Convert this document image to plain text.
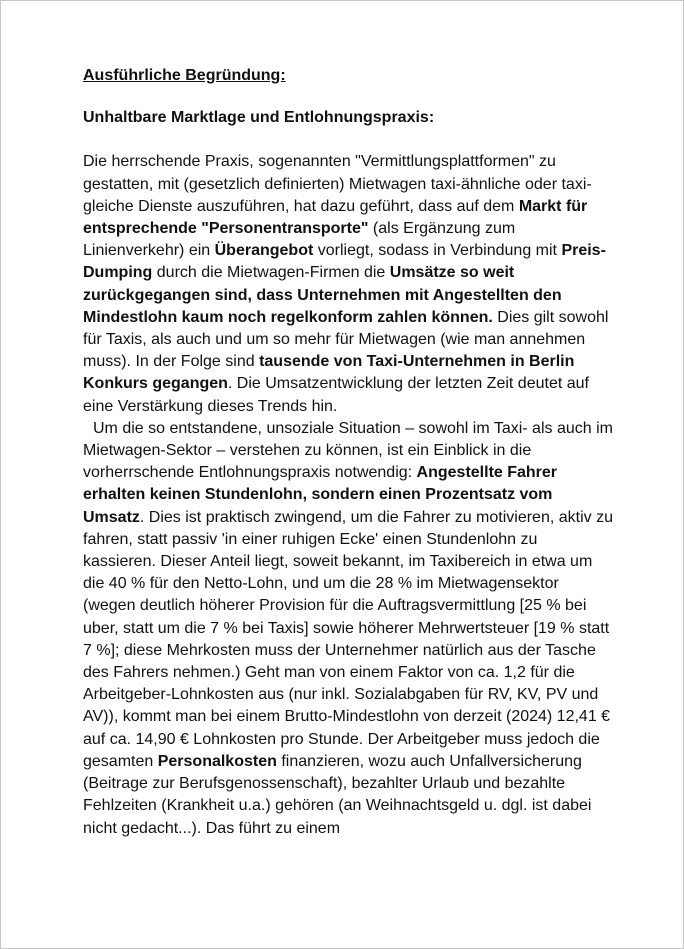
Ausführliche Begründung:

Unhaltbare Marktlage und Entlohnungspraxis:

Die herrschende Praxis, sogenannten "Vermittlungsplattformen" zu gestatten, mit (gesetzlich definierten) Mietwagen taxi-ähnliche oder taxi-gleiche Dienste auszuführen, hat dazu geführt, dass auf dem Markt für entsprechende "Personentransporte" (als Ergänzung zum Linienverkehr) ein Überangebot vorliegt, sodass in Verbindung mit Preis-Dumping durch die Mietwagen-Firmen die Umsätze so weit zurückgegangen sind, dass Unternehmen mit Angestellten den Mindestlohn kaum noch regelkonform zahlen können. Dies gilt sowohl für Taxis, als auch und um so mehr für Mietwagen (wie man annehmen muss). In der Folge sind tausende von Taxi-Unternehmen in Berlin Konkurs gegangen. Die Umsatzentwicklung der letzten Zeit deutet auf eine Verstärkung dieses Trends hin.

Um die so entstandene, unsoziale Situation – sowohl im Taxi- als auch im Mietwagen-Sektor – verstehen zu können, ist ein Einblick in die vorherrschende Entlohnungspraxis notwendig: Angestellte Fahrer erhalten keinen Stundenlohn, sondern einen Prozentsatz vom Umsatz. Dies ist praktisch zwingend, um die Fahrer zu motivieren, aktiv zu fahren, statt passiv 'in einer ruhigen Ecke' einen Stundenlohn zu kassieren. Dieser Anteil liegt, soweit bekannt, im Taxibereich in etwa um die 40 % für den Netto-Lohn, und um die 28 % im Mietwagensektor (wegen deutlich höherer Provision für die Auftragsvermittlung [25 % bei uber, statt um die 7 % bei Taxis] sowie höherer Mehrwertsteuer [19 % statt 7 %]; diese Mehrkosten muss der Unternehmer natürlich aus der Tasche des Fahrers nehmen.) Geht man von einem Faktor von ca. 1,2 für die Arbeitgeber-Lohnkosten aus (nur inkl. Sozialabgaben für RV, KV, PV und AV)), kommt man bei einem Brutto-Mindestlohn von derzeit (2024) 12,41 € auf ca. 14,90 € Lohnkosten pro Stunde. Der Arbeitgeber muss jedoch die gesamten Personalkosten finanzieren, wozu auch Unfallversicherung (Beitrage zur Berufsgenossenschaft), bezahlter Urlaub und bezahlte Fehlzeiten (Krankheit u.a.) gehören (an Weihnachtsgeld u. dgl. ist dabei nicht gedacht...). Das führt zu einem
